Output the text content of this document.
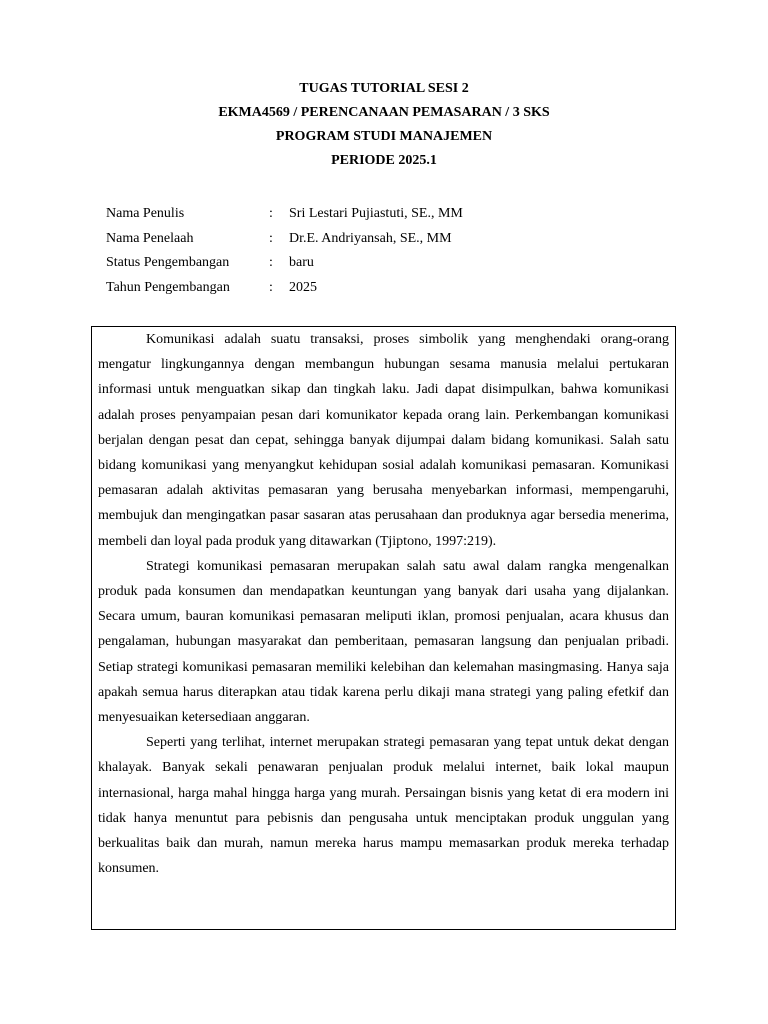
TUGAS TUTORIAL SESI 2
EKMA4569 / PERENCANAAN PEMASARAN / 3 SKS
PROGRAM STUDI MANAJEMEN
PERIODE 2025.1
Nama Penulis	:	Sri Lestari Pujiastuti, SE., MM
Nama Penelaah	:	Dr.E. Andriyansah, SE., MM
Status Pengembangan	:	baru
Tahun Pengembangan	:	2025

Komunikasi adalah suatu transaksi, proses simbolik yang menghendaki orang-orang mengatur lingkungannya dengan membangun hubungan sesama manusia melalui pertukaran informasi untuk menguatkan sikap dan tingkah laku. Jadi dapat disimpulkan, bahwa komunikasi adalah proses penyampaian pesan dari komunikator kepada orang lain. Perkembangan komunikasi berjalan dengan pesat dan cepat, sehingga banyak dijumpai dalam bidang komunikasi. Salah satu bidang komunikasi yang menyangkut kehidupan sosial adalah komunikasi pemasaran. Komunikasi pemasaran adalah aktivitas pemasaran yang berusaha menyebarkan informasi, mempengaruhi, membujuk dan mengingatkan pasar sasaran atas perusahaan dan produknya agar bersedia menerima, membeli dan loyal pada produk yang ditawarkan (Tjiptono, 1997:219).

Strategi komunikasi pemasaran merupakan salah satu awal dalam rangka mengenalkan produk pada konsumen dan mendapatkan keuntungan yang banyak dari usaha yang dijalankan. Secara umum, bauran komunikasi pemasaran meliputi iklan, promosi penjualan, acara khusus dan pengalaman, hubungan masyarakat dan pemberitaan, pemasaran langsung dan penjualan pribadi. Setiap strategi komunikasi pemasaran memiliki kelebihan dan kelemahan masingmasing. Hanya saja apakah semua harus diterapkan atau tidak karena perlu dikaji mana strategi yang paling efetkif dan menyesuaikan ketersediaan anggaran.

Seperti yang terlihat, internet merupakan strategi pemasaran yang tepat untuk dekat dengan khalayak. Banyak sekali penawaran penjualan produk melalui internet, baik lokal maupun internasional, harga mahal hingga harga yang murah. Persaingan bisnis yang ketat di era modern ini tidak hanya menuntut para pebisnis dan pengusaha untuk menciptakan produk unggulan yang berkualitas baik dan murah, namun mereka harus mampu memasarkan produk mereka terhadap konsumen.
